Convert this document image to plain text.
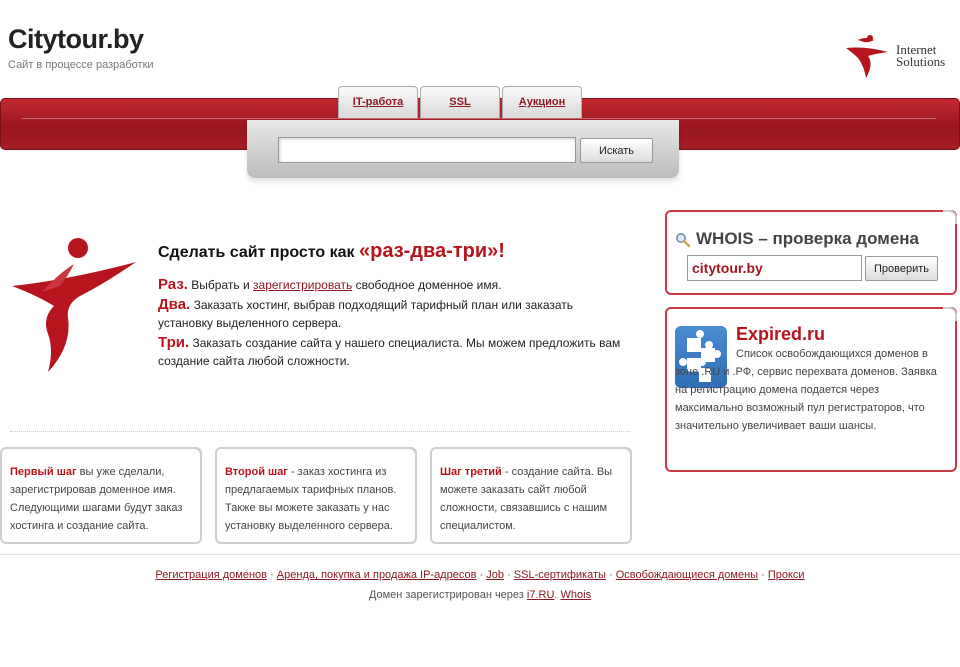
Citytour.by
Сайт в процессе разработки
Internet
Solutions
IT-работа	SSL	Аукцион
Искать
Сделать сайт просто как «раз-два-три»!
Раз. Выбрать и зарегистрировать свободное доменное имя.
Два. Заказать хостинг, выбрав подходящий тарифный план или заказать установку выделенного сервера.
Три. Заказать создание сайта у нашего специалиста. Мы можем предложить вам создание сайта любой сложности.
Первый шаг вы уже сделали, зарегистрировав доменное имя. Следующими шагами будут заказ хостинга и создание сайта.
Второй шаг - заказ хостинга из предлагаемых тарифных планов. Также вы можете заказать у нас установку выделенного сервера.
Шаг третий - создание сайта. Вы можете заказать сайт любой сложности, связавшись с нашим специалистом.
WHOIS – проверка домена
citytour.by
Проверить
Expired.ru
Список освобождающихся доменов в зоне .RU и .РФ, сервис перехвата доменов. Заявка на регистрацию домена подается через максимально возможный пул регистраторов, что значительно увеличивает ваши шансы.
Регистрация доменов · Аренда, покупка и продажа IP-адресов · Job · SSL-сертификаты · Освобождающиеся домены · Прокси
Домен зарегистрирован через i7.RU. Whois
